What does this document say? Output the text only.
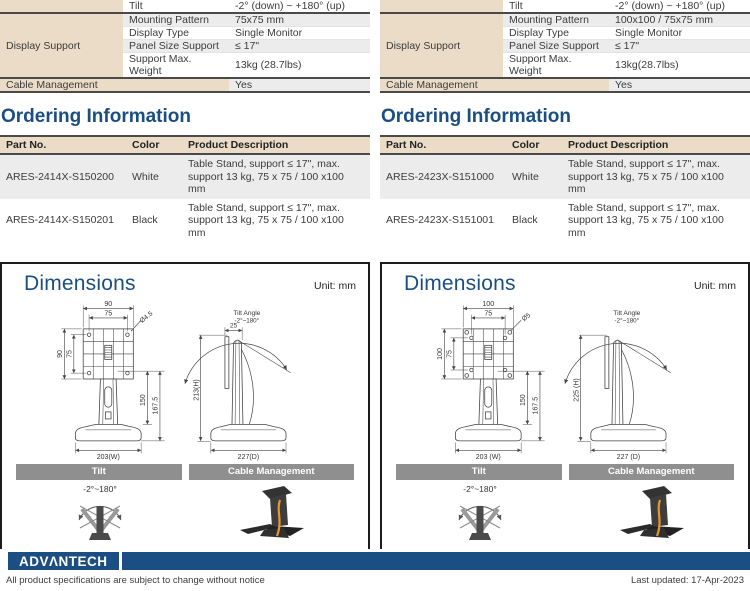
	Tilt	-2° (down) ~ +180° (up)
Display Support	Mounting Pattern	75x75 mm
	Display Type	Single Monitor
	Panel Size Support	≤ 17"
	Support Max. Weight	13kg (28.7lbs)
Cable Management		Yes
Ordering Information
Part No.	Color	Product Description
ARES-2414X-S150200	White	Table Stand, support ≤ 17", max. support 13 kg, 75 x 75 / 100 x100 mm
ARES-2414X-S150201	Black	Table Stand, support ≤ 17", max. support 13 kg, 75 x 75 / 100 x100 mm
Dimensions	Unit: mm
90
75
90 75
Ø4.5
150 167.5
203(W)
Tilt Angle
-2°~180°
25
213(H)
227(D)
Tilt	Cable Management
-2°~180°
	Tilt	-2° (down) ~ +180° (up)
Display Support	Mounting Pattern	100x100 / 75x75 mm
	Display Type	Single Monitor
	Panel Size Support	≤ 17"
	Support Max. Weight	13kg(28.7lbs)
Cable Management		Yes
Ordering Information
Part No.	Color	Product Description
ARES-2423X-S151000	White	Table Stand, support ≤ 17", max. support 13 kg, 75 x 75 / 100 x100 mm
ARES-2423X-S151001	Black	Table Stand, support ≤ 17", max. support 13 kg, 75 x 75 / 100 x100 mm
Dimensions	Unit: mm
100
75
100 75
Ø5
150 167.5
203 (W)
Tilt Angle
-2°~180°
225 (H)
227 (D)
Tilt	Cable Management
-2°~180°
ADVΛNTECH
All product specifications are subject to change without notice	Last updated: 17-Apr-2023
